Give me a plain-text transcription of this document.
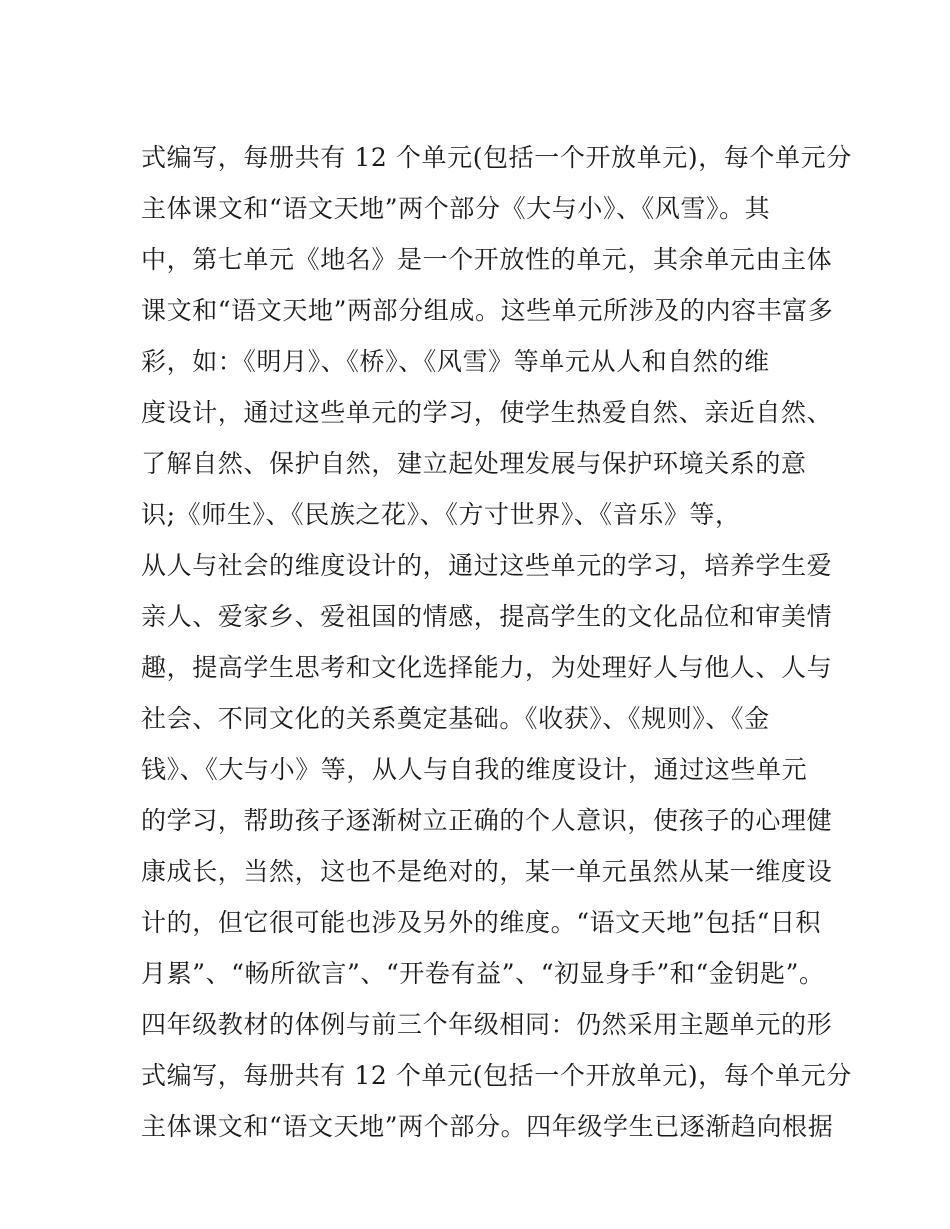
式编写，每册共有 12 个单元(包括一个开放单元)，每个单元分
主体课文和“语文天地”两个部分《大与小》、《风雪》。其
中，第七单元《地名》是一个开放性的单元，其余单元由主体
课文和“语文天地”两部分组成。这些单元所涉及的内容丰富多
彩，如：《明月》、《桥》、《风雪》等单元从人和自然的维
度设计，通过这些单元的学习，使学生热爱自然、亲近自然、
了解自然、保护自然，建立起处理发展与保护环境关系的意
识;《师生》、《民族之花》、《方寸世界》、《音乐》等，
从人与社会的维度设计的，通过这些单元的学习，培养学生爱
亲人、爱家乡、爱祖国的情感，提高学生的文化品位和审美情
趣，提高学生思考和文化选择能力，为处理好人与他人、人与
社会、不同文化的关系奠定基础。《收获》、《规则》、《金
钱》、《大与小》等，从人与自我的维度设计，通过这些单元
的学习，帮助孩子逐渐树立正确的个人意识，使孩子的心理健
康成长，当然，这也不是绝对的，某一单元虽然从某一维度设
计的，但它很可能也涉及另外的维度。“语文天地”包括“日积
月累”、“畅所欲言”、“开卷有益”、“初显身手”和“金钥匙”。
四年级教材的体例与前三个年级相同：仍然采用主题单元的形
式编写，每册共有 12 个单元(包括一个开放单元)，每个单元分
主体课文和“语文天地”两个部分。四年级学生已逐渐趋向根据
